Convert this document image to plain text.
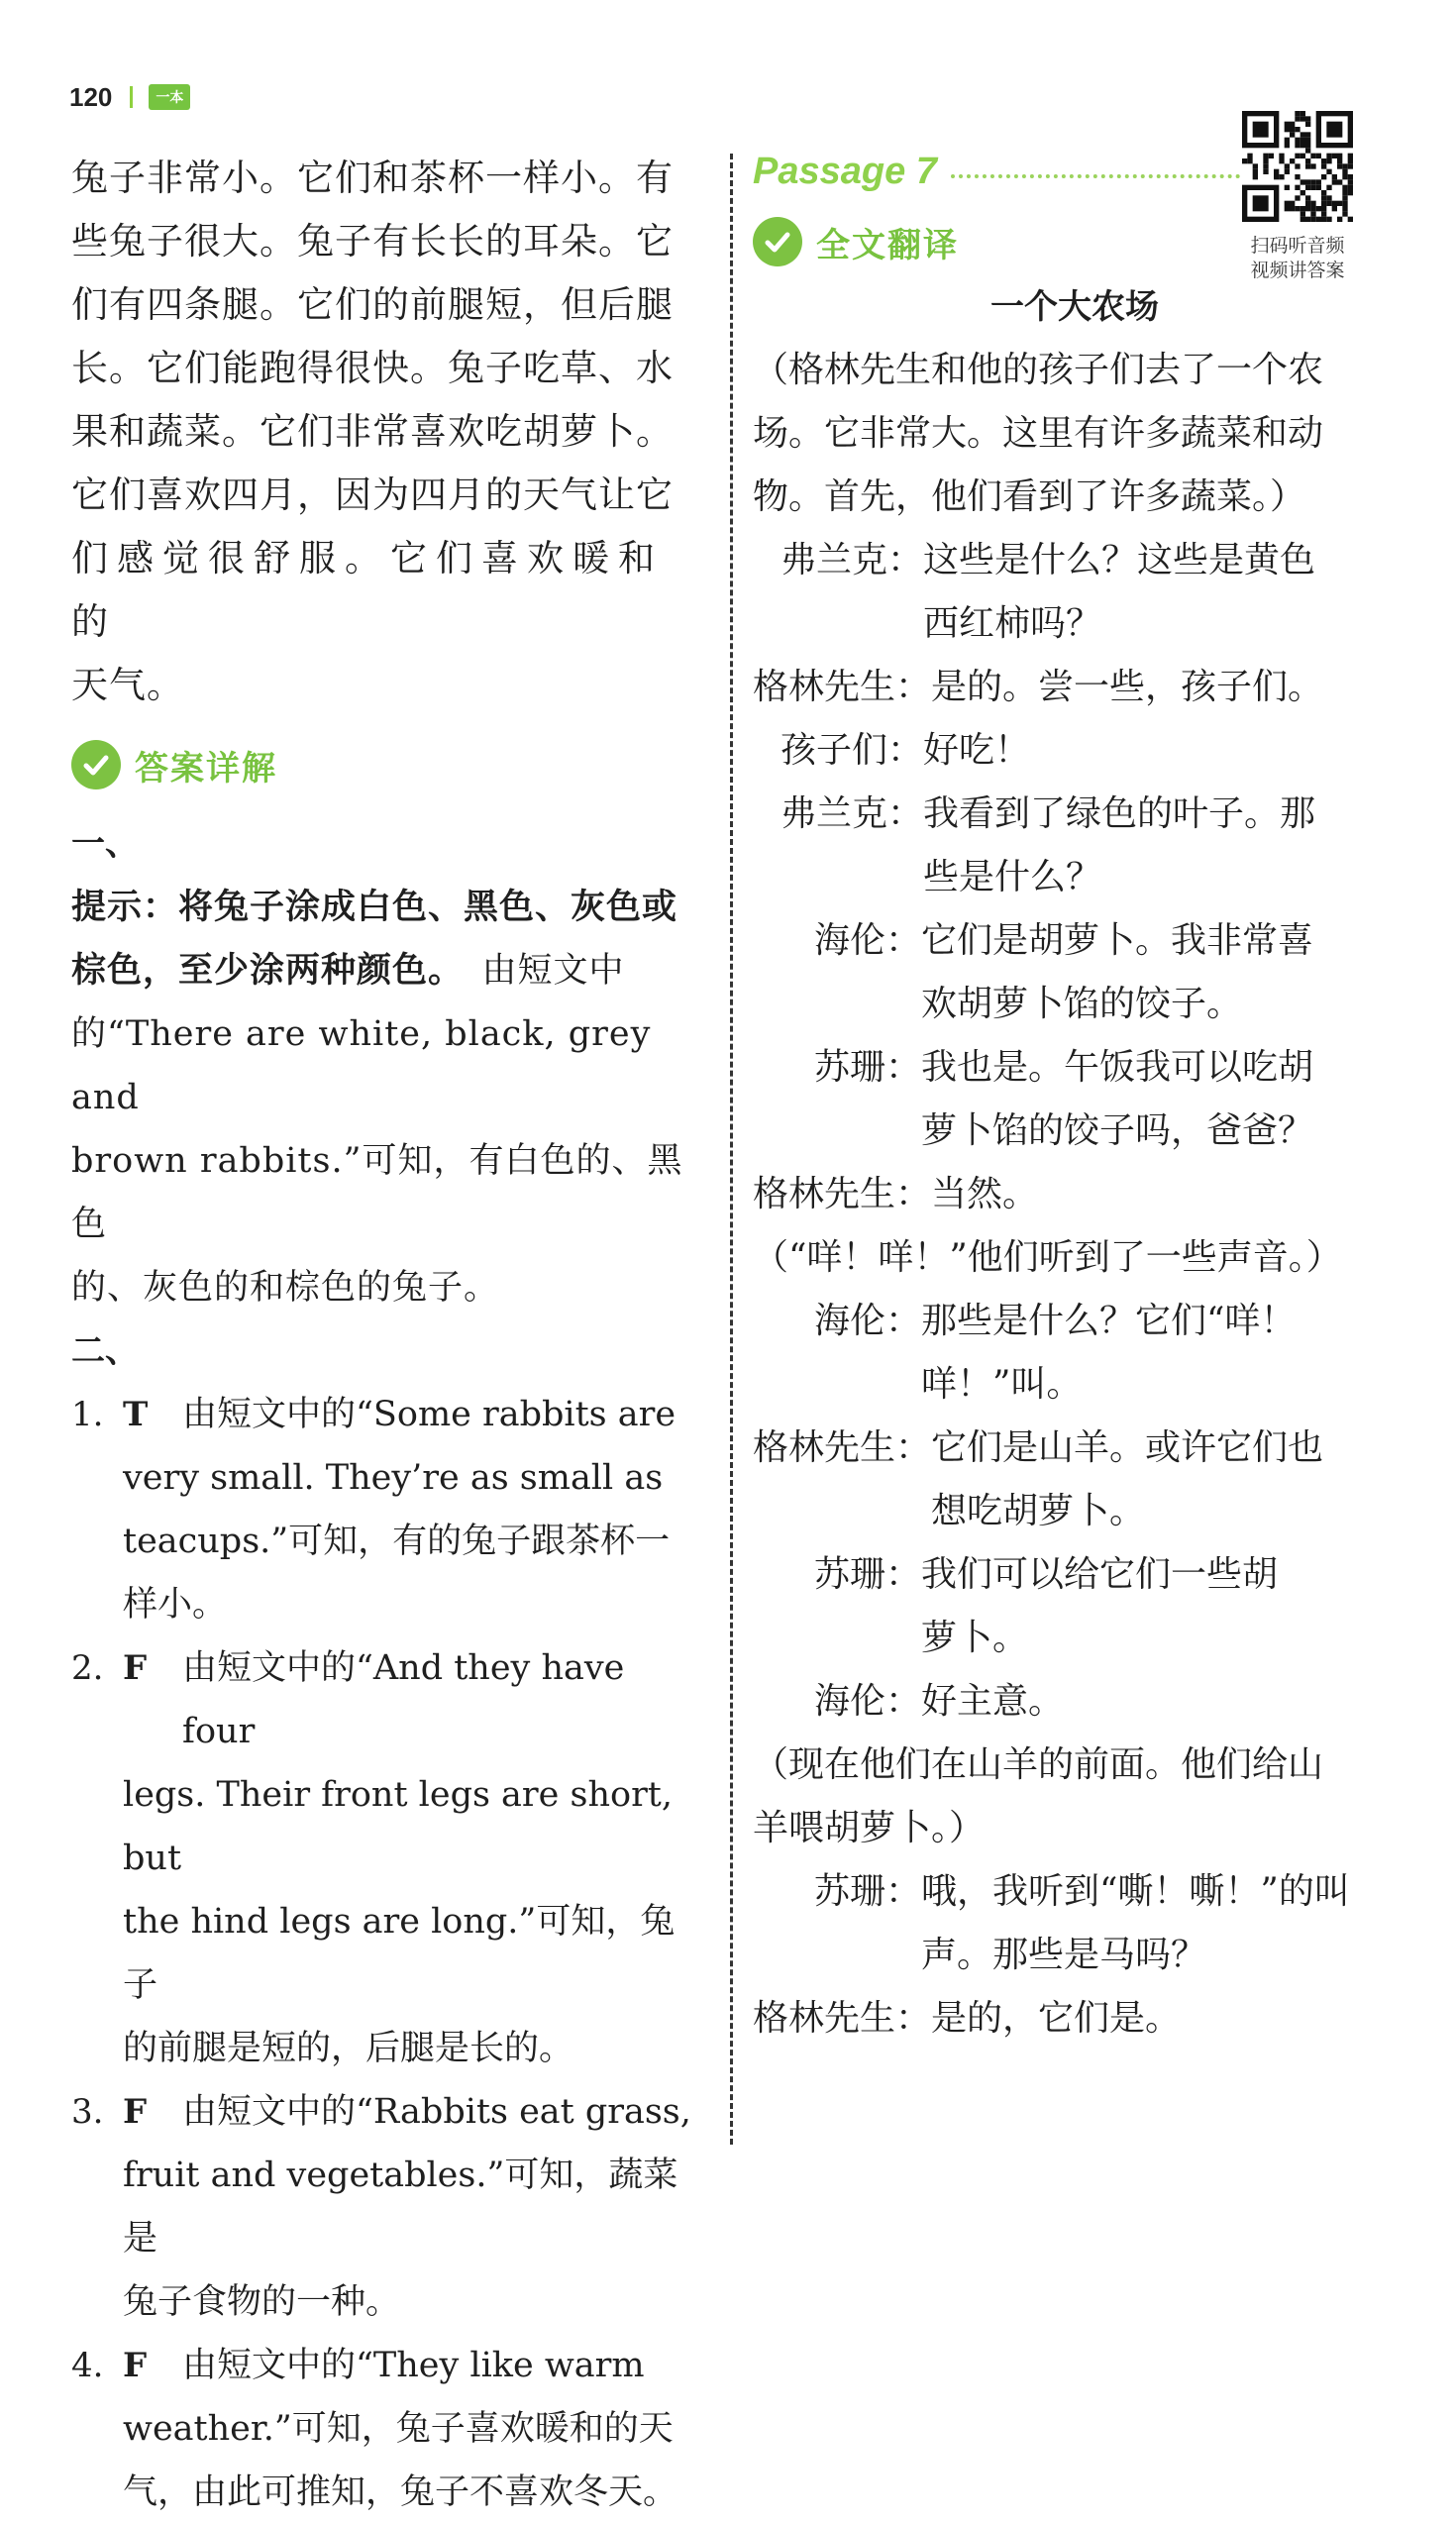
120	一本

兔子非常小。它们和茶杯一样小。有

些兔子很大。兔子有长长的耳朵。它

们有四条腿。它们的前腿短，但后腿

长。它们能跑得很快。兔子吃草、水

果和蔬菜。它们非常喜欢吃胡萝卜。

它们喜欢四月，因为四月的天气让它

们感觉很舒服。它们喜欢暖和的

天气。

答案详解

一、

提示：将兔子涂成白色、黑色、灰色或

棕色，至少涂两种颜色。　由短文中

的“There are white, black, grey and

brown rabbits.”可知，有白色的、黑色

的、灰色的和棕色的兔子。

二、

1. T 由短文中的“Some rabbits are

very small. They’re as small as

teacups.”可知，有的兔子跟茶杯一

样小。

2. F	由短文中的“And they have four

legs. Their front legs are short, but

the hind legs are long.”可知，兔子

的前腿是短的，后腿是长的。

3. F	由短文中的“Rabbits eat grass,

fruit and vegetables.”可知，蔬菜是

兔子食物的一种。

4. F	由短文中的“They like warm

weather.”可知，兔子喜欢暖和的天

气，由此可推知，兔子不喜欢冬天。

Passage 7
全文翻译

一个大农场

（格林先生和他的孩子们去了一个农

场。它非常大。这里有许多蔬菜和动

物。首先，他们看到了许多蔬菜。）

弗兰克： 这些是什么？这些是黄色
西红柿吗？
格林先生： 是的。尝一些，孩子们。
孩子们： 好吃！
弗兰克： 我看到了绿色的叶子。那
些是什么？
海伦： 它们是胡萝卜。我非常喜
欢胡萝卜馅的饺子。
苏珊： 我也是。午饭我可以吃胡
萝卜馅的饺子吗，爸爸？
格林先生： 当然。

（“咩！咩！”他们听到了一些声音。）

海伦： 那些是什么？它们“咩！
咩！”叫。
格林先生： 它们是山羊。或许它们也
想吃胡萝卜。
苏珊： 我们可以给它们一些胡
萝卜。
海伦： 好主意。

（现在他们在山羊的前面。他们给山

羊喂胡萝卜。）

苏珊： 哦，我听到“嘶！嘶！”的叫
声。那些是马吗？
格林先生： 是的，它们是。
扫码听音频
视频讲答案
